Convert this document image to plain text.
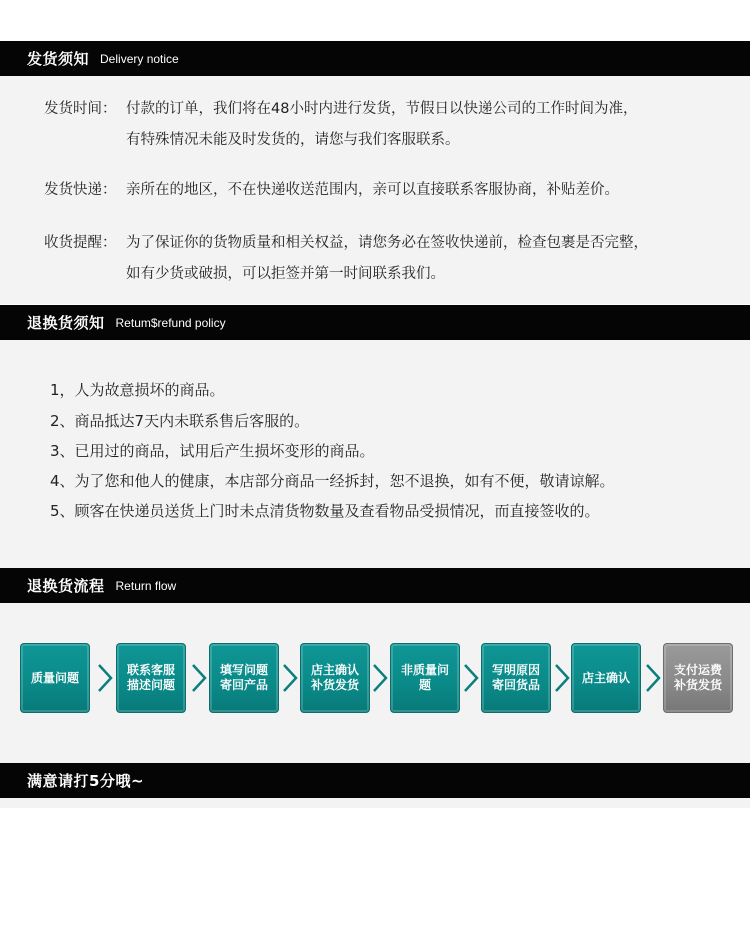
发货须知 Delivery notice
发货时间： 付款的订单，我们将在48小时内进行发货，节假日以快递公司的工作时间为准，
有特殊情况未能及时发货的，请您与我们客服联系。
发货快递： 亲所在的地区，不在快递收送范围内，亲可以直接联系客服协商，补贴差价。
收货提醒： 为了保证你的货物质量和相关权益，请您务必在签收快递前，检查包裹是否完整，
如有少货或破损，可以拒签并第一时间联系我们。
退换货须知 Retum$refund policy
1，人为故意损坏的商品。
2、商品抵达7天内未联系售后客服的。
3、已用过的商品，试用后产生损坏变形的商品。
4、为了您和他人的健康，本店部分商品一经拆封，恕不退换，如有不便，敬请谅解。
5、顾客在快递员送货上门时未点清货物数量及查看物品受损情况，而直接签收的。
退换货流程 Return flow
质量问题
联系客服描述问题
填写问题寄回产品
店主确认补货发货
非质量问题
写明原因寄回货品
店主确认
支付运费补货发货
满意请打5分哦~
